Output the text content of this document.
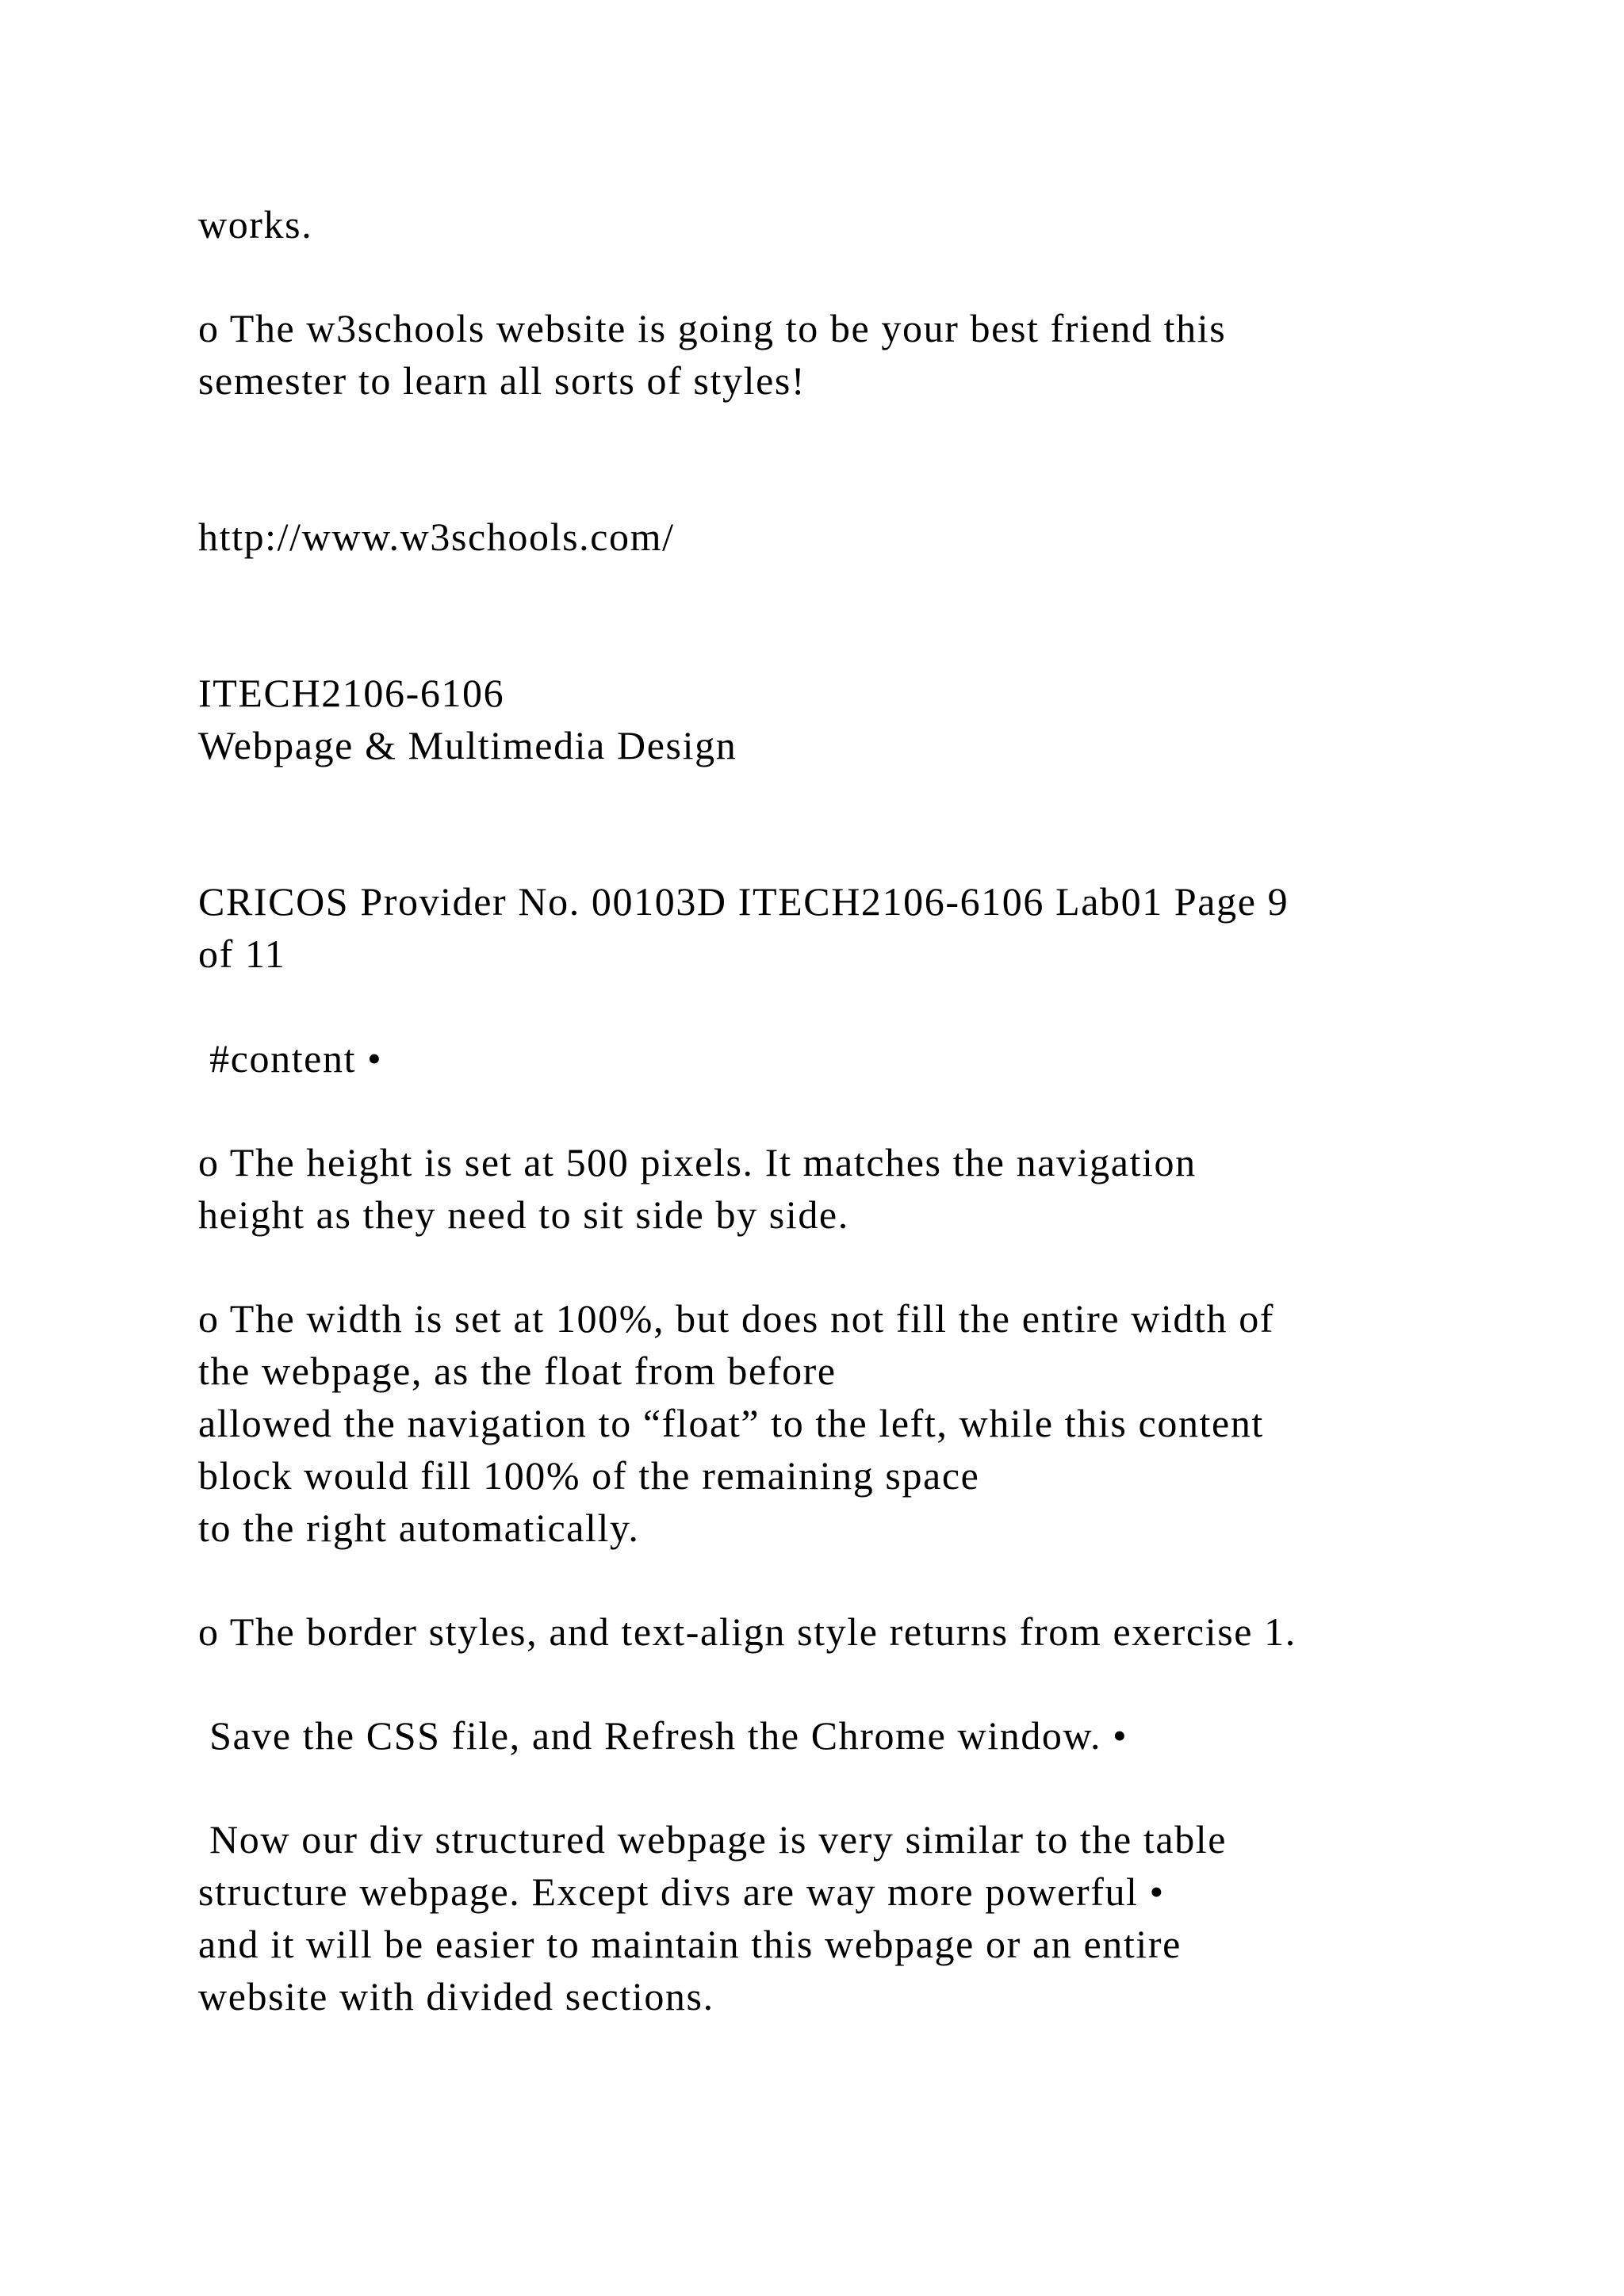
works.
o The w3schools website is going to be your best friend this
semester to learn all sorts of styles!
http://www.w3schools.com/
ITECH2106-6106
Webpage & Multimedia Design
CRICOS Provider No. 00103D ITECH2106-6106 Lab01 Page 9
of 11
#content •
o The height is set at 500 pixels. It matches the navigation
height as they need to sit side by side.
o The width is set at 100%, but does not fill the entire width of
the webpage, as the float from before
allowed the navigation to “float” to the left, while this content
block would fill 100% of the remaining space
to the right automatically.
o The border styles, and text-align style returns from exercise 1.
Save the CSS file, and Refresh the Chrome window. •
Now our div structured webpage is very similar to the table
structure webpage. Except divs are way more powerful •
and it will be easier to maintain this webpage or an entire
website with divided sections.
